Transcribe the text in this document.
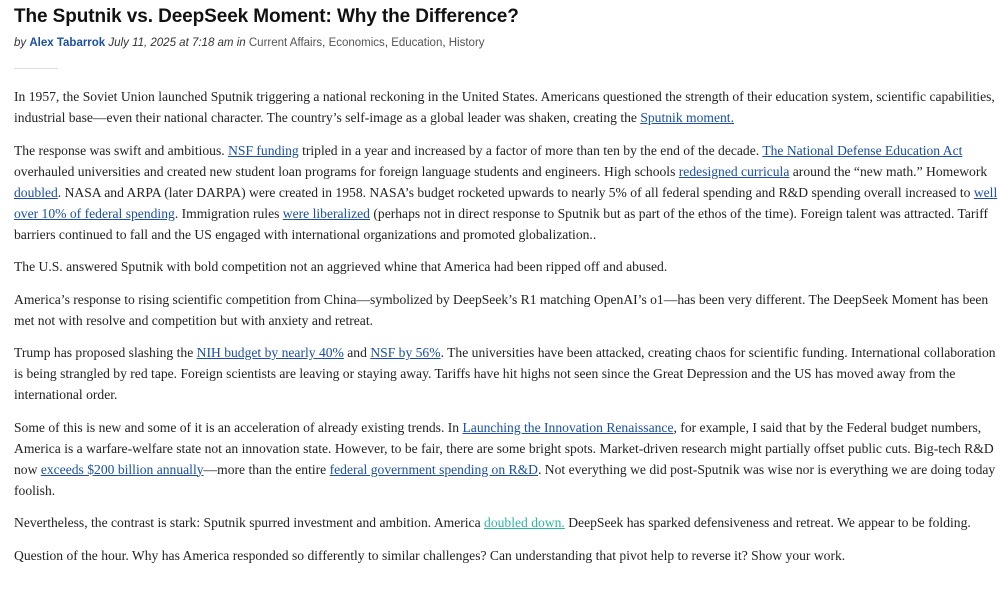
The Sputnik vs. DeepSeek Moment: Why the Difference?
by Alex Tabarrok July 11, 2025 at 7:18 am in Current Affairs, Economics, Education, History

In 1957, the Soviet Union launched Sputnik triggering a national reckoning in the United States. Americans questioned the strength of their education system, scientific capabilities, industrial base—even their national character. The country’s self-image as a global leader was shaken, creating the Sputnik moment.

The response was swift and ambitious. NSF funding tripled in a year and increased by a factor of more than ten by the end of the decade. The National Defense Education Act overhauled universities and created new student loan programs for foreign language students and engineers. High schools redesigned curricula around the “new math.” Homework doubled. NASA and ARPA (later DARPA) were created in 1958. NASA’s budget rocketed upwards to nearly 5% of all federal spending and R&D spending overall increased to well over 10% of federal spending. Immigration rules were liberalized (perhaps not in direct response to Sputnik but as part of the ethos of the time). Foreign talent was attracted. Tariff barriers continued to fall and the US engaged with international organizations and promoted globalization..

The U.S. answered Sputnik with bold competition not an aggrieved whine that America had been ripped off and abused.

America’s response to rising scientific competition from China—symbolized by DeepSeek’s R1 matching OpenAI’s o1—has been very different. The DeepSeek Moment has been met not with resolve and competition but with anxiety and retreat.

Trump has proposed slashing the NIH budget by nearly 40% and NSF by 56%. The universities have been attacked, creating chaos for scientific funding. International collaboration is being strangled by red tape. Foreign scientists are leaving or staying away. Tariffs have hit highs not seen since the Great Depression and the US has moved away from the international order.

Some of this is new and some of it is an acceleration of already existing trends. In Launching the Innovation Renaissance, for example, I said that by the Federal budget numbers, America is a warfare-welfare state not an innovation state. However, to be fair, there are some bright spots. Market-driven research might partially offset public cuts. Big-tech R&D now exceeds $200 billion annually—more than the entire federal government spending on R&D. Not everything we did post-Sputnik was wise nor is everything we are doing today foolish.

Nevertheless, the contrast is stark: Sputnik spurred investment and ambition. America doubled down. DeepSeek has sparked defensiveness and retreat. We appear to be folding.

Question of the hour. Why has America responded so differently to similar challenges? Can understanding that pivot help to reverse it? Show your work.
